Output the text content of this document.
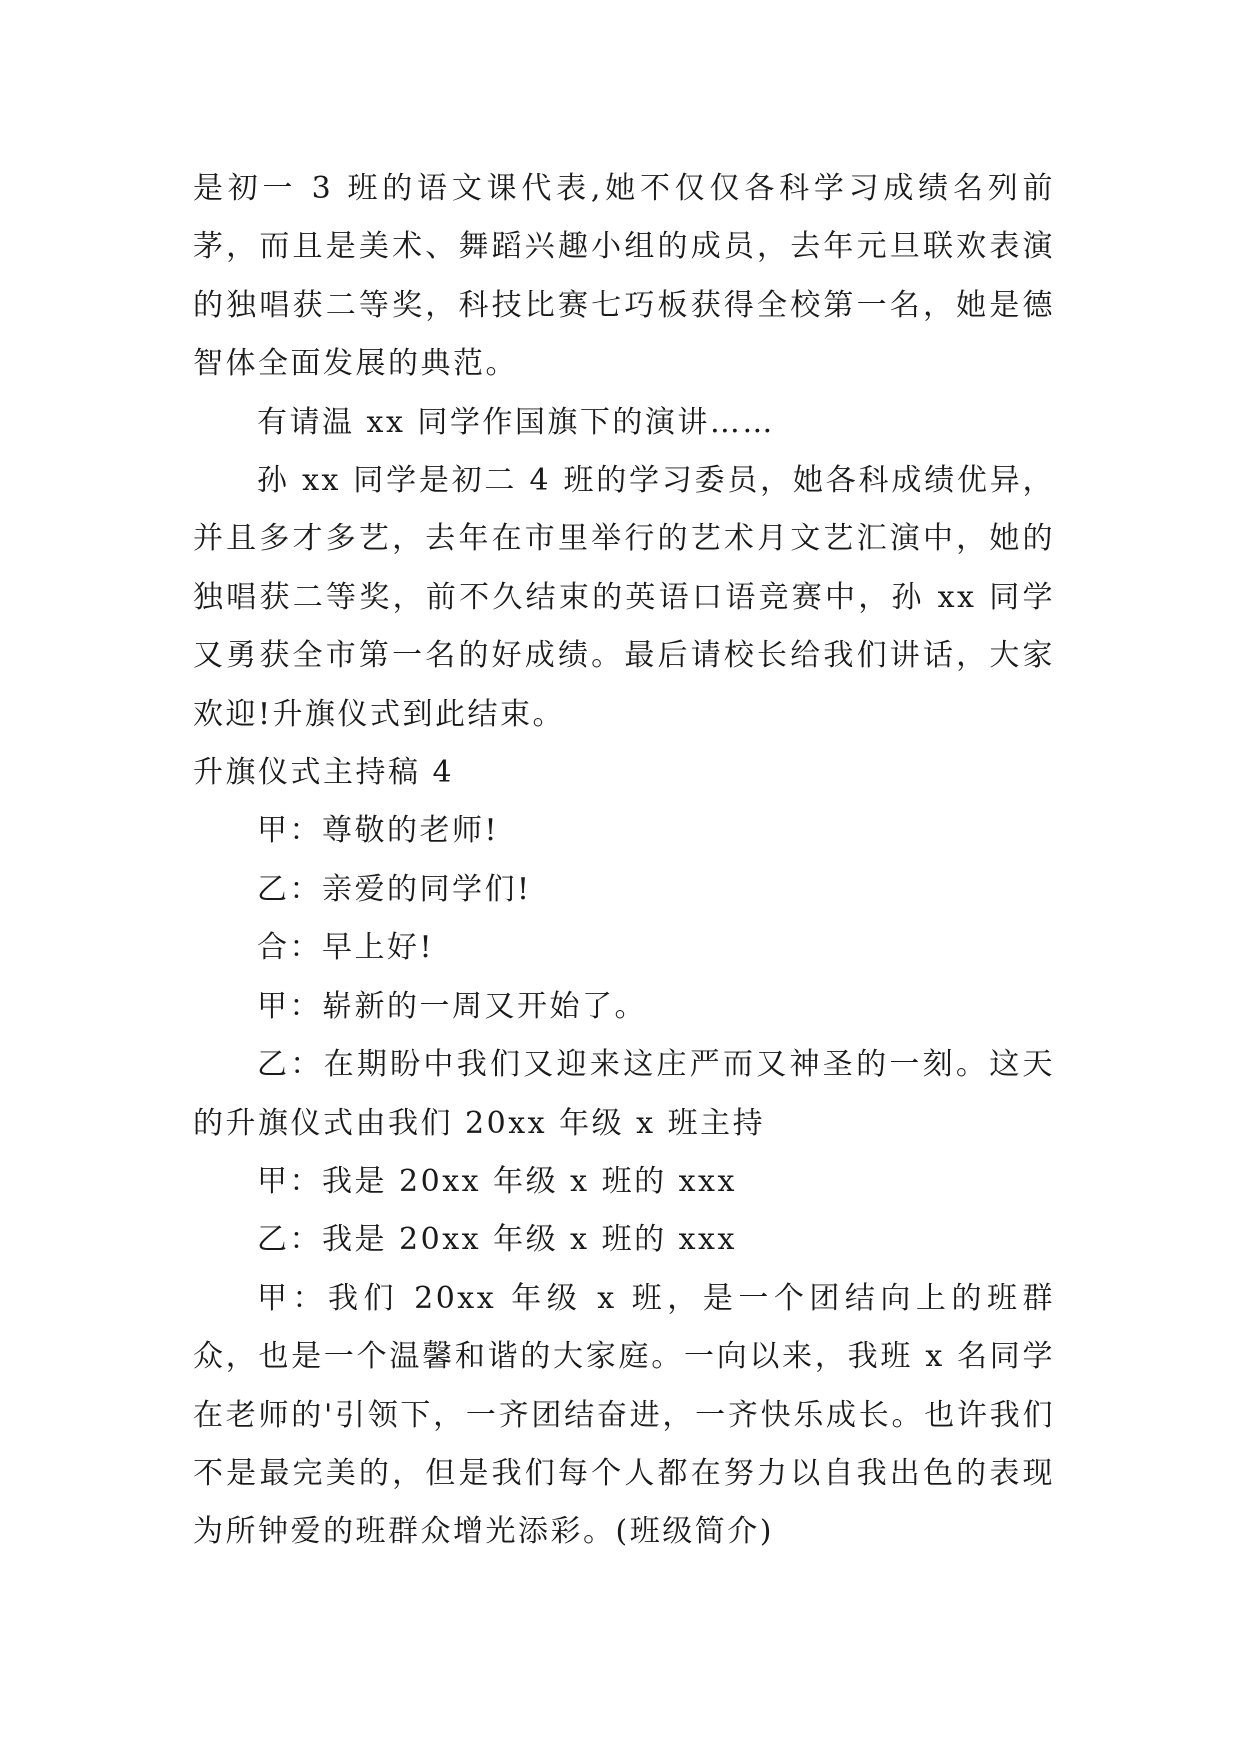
是初一 3 班的语文课代表,她不仅仅各科学习成绩名列前茅，而且是美术、舞蹈兴趣小组的成员，去年元旦联欢表演的独唱获二等奖，科技比赛七巧板获得全校第一名，她是德智体全面发展的典范。

有请温 xx 同学作国旗下的演讲……

孙 xx 同学是初二 4 班的学习委员，她各科成绩优异，并且多才多艺，去年在市里举行的艺术月文艺汇演中，她的独唱获二等奖，前不久结束的英语口语竞赛中，孙 xx 同学又勇获全市第一名的好成绩。最后请校长给我们讲话，大家欢迎!升旗仪式到此结束。

升旗仪式主持稿 4

甲：尊敬的老师!

乙：亲爱的同学们!

合：早上好!

甲：崭新的一周又开始了。

乙：在期盼中我们又迎来这庄严而又神圣的一刻。这天的升旗仪式由我们 20xx 年级 x 班主持

甲：我是 20xx 年级 x 班的 xxx

乙：我是 20xx 年级 x 班的 xxx

甲：我们 20xx 年级 x 班，是一个团结向上的班群众，也是一个温馨和谐的大家庭。一向以来，我班 x 名同学在老师的'引领下，一齐团结奋进，一齐快乐成长。也许我们不是最完美的，但是我们每个人都在努力以自我出色的表现为所钟爱的班群众增光添彩。(班级简介)
